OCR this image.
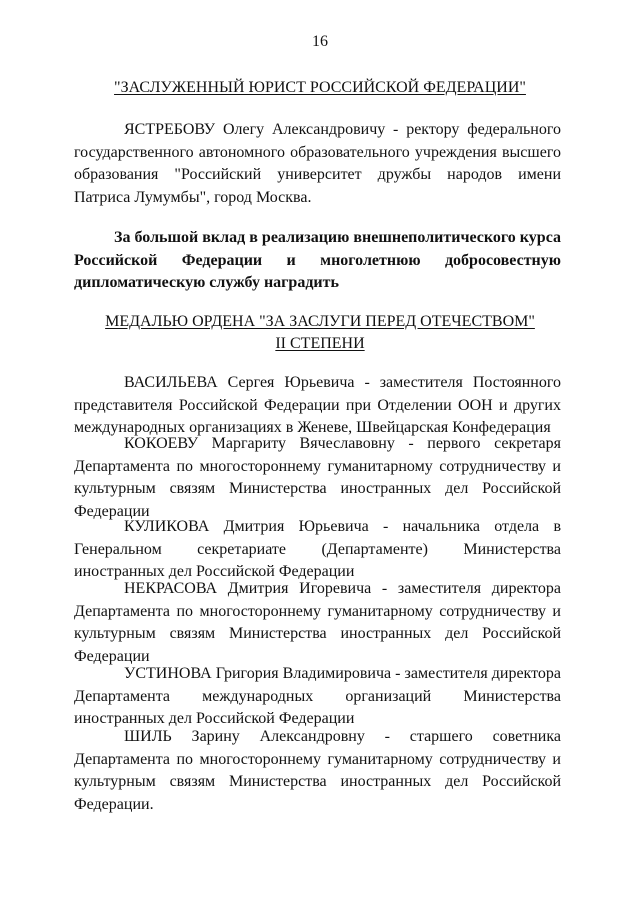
16
"ЗАСЛУЖЕННЫЙ ЮРИСТ РОССИЙСКОЙ ФЕДЕРАЦИИ"

ЯСТРЕБОВУ Олегу Александровичу - ректору федерального государственного автономного образовательного учреждения высшего образования "Российский университет дружбы народов имени Патриса Лумумбы", город Москва.

За большой вклад в реализацию внешнеполитического курса Российской Федерации и многолетнюю добросовестную дипломатическую службу наградить

МЕДАЛЬЮ ОРДЕНА "ЗА ЗАСЛУГИ ПЕРЕД ОТЕЧЕСТВОМ"
II СТЕПЕНИ

ВАСИЛЬЕВА Сергея Юрьевича - заместителя Постоянного представителя Российской Федерации при Отделении ООН и других международных организациях в Женеве, Швейцарская Конфедерация

КОКОЕВУ Маргариту Вячеславовну - первого секретаря Департамента по многостороннему гуманитарному сотрудничеству и культурным связям Министерства иностранных дел Российской Федерации

КУЛИКОВА Дмитрия Юрьевича - начальника отдела в Генеральном секретариате (Департаменте) Министерства иностранных дел Российской Федерации

НЕКРАСОВА Дмитрия Игоревича - заместителя директора Департамента по многостороннему гуманитарному сотрудничеству и культурным связям Министерства иностранных дел Российской Федерации

УСТИНОВА Григория Владимировича - заместителя директора Департамента международных организаций Министерства иностранных дел Российской Федерации

ШИЛЬ Зарину Александровну - старшего советника Департамента по многостороннему гуманитарному сотрудничеству и культурным связям Министерства иностранных дел Российской Федерации.
